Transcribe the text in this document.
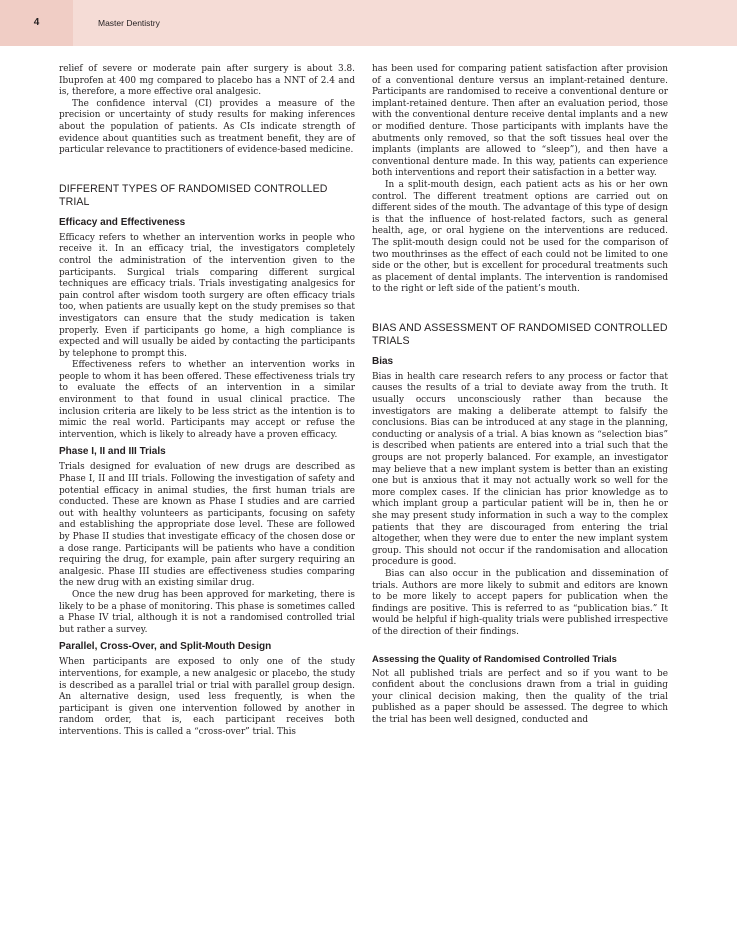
4	Master Dentistry

relief of severe or moderate pain after surgery is about 3.8. Ibuprofen at 400 mg compared to placebo has a NNT of 2.4 and is, therefore, a more effective oral analgesic.

The confidence interval (CI) provides a measure of the precision or uncertainty of study results for making inferences about the population of patients. As CIs indicate strength of evidence about quantities such as treatment benefit, they are of particular relevance to practitioners of evidence-based medicine.

DIFFERENT TYPES OF RANDOMISED CONTROLLED TRIAL
Efficacy and Effectiveness

Efficacy refers to whether an intervention works in people who receive it. In an efficacy trial, the investigators completely control the administration of the intervention given to the participants. Surgical trials comparing different surgical techniques are efficacy trials. Trials investigating analgesics for pain control after wisdom tooth surgery are often efficacy trials too, when patients are usually kept on the study premises so that investigators can ensure that the study medication is taken properly. Even if participants go home, a high compliance is expected and will usually be aided by contacting the participants by telephone to prompt this.

Effectiveness refers to whether an intervention works in people to whom it has been offered. These effectiveness trials try to evaluate the effects of an intervention in a similar environment to that found in usual clinical practice. The inclusion criteria are likely to be less strict as the intention is to mimic the real world. Participants may accept or refuse the intervention, which is likely to already have a proven efficacy.

Phase I, II and III Trials

Trials designed for evaluation of new drugs are described as Phase I, II and III trials. Following the investigation of safety and potential efficacy in animal studies, the first human trials are conducted. These are known as Phase I studies and are carried out with healthy volunteers as participants, focusing on safety and establishing the appropriate dose level. These are followed by Phase II studies that investigate efficacy of the chosen dose or a dose range. Participants will be patients who have a condition requiring the drug, for example, pain after surgery requiring an analgesic. Phase III studies are effectiveness studies comparing the new drug with an existing similar drug.

Once the new drug has been approved for marketing, there is likely to be a phase of monitoring. This phase is sometimes called a Phase IV trial, although it is not a randomised controlled trial but rather a survey.

Parallel, Cross-Over, and Split-Mouth Design

When participants are exposed to only one of the study interventions, for example, a new analgesic or placebo, the study is described as a parallel trial or trial with parallel group design. An alternative design, used less frequently, is when the participant is given one intervention followed by another in random order, that is, each participant receives both interventions. This is called a “cross-over” trial. This

has been used for comparing patient satisfaction after provision of a conventional denture versus an implant-retained denture. Participants are randomised to receive a conventional denture or implant-retained denture. Then after an evaluation period, those with the conventional denture receive dental implants and a new or modified denture. Those participants with implants have the abutments only removed, so that the soft tissues heal over the implants (implants are allowed to “sleep”), and then have a conventional denture made. In this way, patients can experience both interventions and report their satisfaction in a better way.

In a split-mouth design, each patient acts as his or her own control. The different treatment options are carried out on different sides of the mouth. The advantage of this type of design is that the influence of host-related factors, such as general health, age, or oral hygiene on the interventions are reduced. The split-mouth design could not be used for the comparison of two mouthrinses as the effect of each could not be limited to one side or the other, but is excellent for procedural treatments such as placement of dental implants. The intervention is randomised to the right or left side of the patient’s mouth.

BIAS AND ASSESSMENT OF RANDOMISED CONTROLLED TRIALS
Bias

Bias in health care research refers to any process or factor that causes the results of a trial to deviate away from the truth. It usually occurs unconsciously rather than because the investigators are making a deliberate attempt to falsify the conclusions. Bias can be introduced at any stage in the planning, conducting or analysis of a trial. A bias known as “selection bias” is described when patients are entered into a trial such that the groups are not properly balanced. For example, an investigator may believe that a new implant system is better than an existing one but is anxious that it may not actually work so well for the more complex cases. If the clinician has prior knowledge as to which implant group a particular patient will be in, then he or she may present study information in such a way to the complex patients that they are discouraged from entering the trial altogether, when they were due to enter the new implant system group. This should not occur if the randomisation and allocation procedure is good.

Bias can also occur in the publication and dissemination of trials. Authors are more likely to submit and editors are known to be more likely to accept papers for publication when the findings are positive. This is referred to as “publication bias.” It would be helpful if high-quality trials were published irrespective of the direction of their findings.

Assessing the Quality of Randomised Controlled Trials

Not all published trials are perfect and so if you want to be confident about the conclusions drawn from a trial in guiding your clinical decision making, then the quality of the trial published as a paper should be assessed. The degree to which the trial has been well designed, conducted and
